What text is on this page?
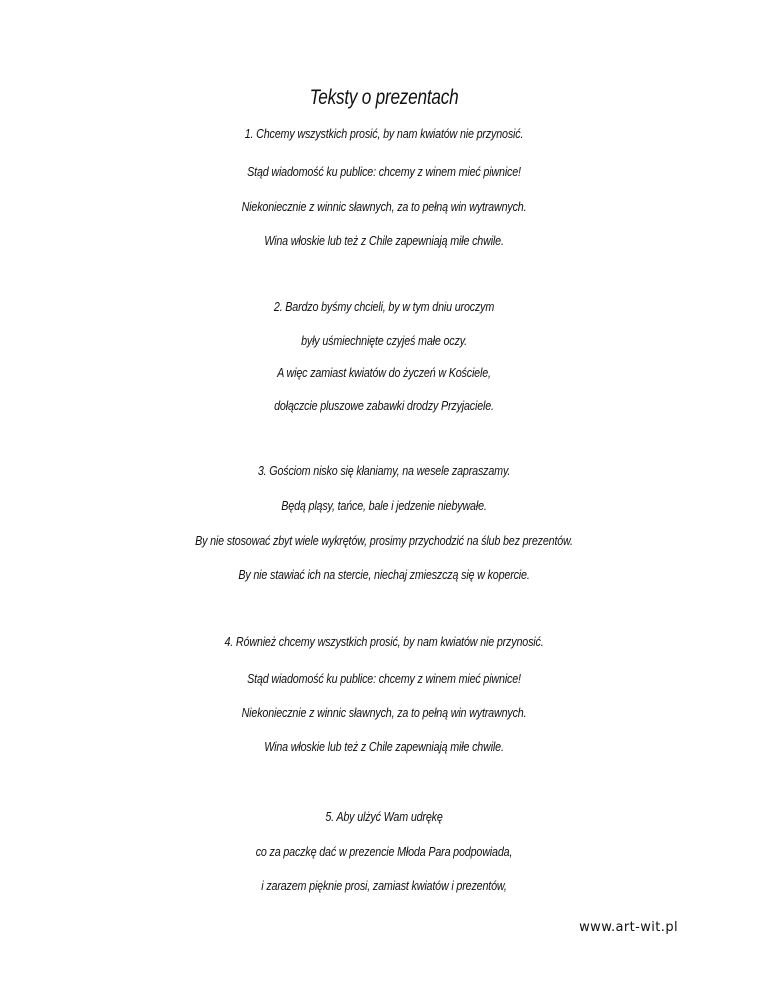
Teksty o prezentach
1. Chcemy wszystkich prosić, by nam kwiatów nie przynosić.
Stąd wiadomość ku publice: chcemy z winem mieć piwnice!
Niekoniecznie z winnic sławnych, za to pełną win wytrawnych.
Wina włoskie lub też z Chile zapewniają miłe chwile.
2. Bardzo byśmy chcieli, by w tym dniu uroczym
były uśmiechnięte czyjeś małe oczy.
A więc zamiast kwiatów do życzeń w Kościele,
dołączcie pluszowe zabawki drodzy Przyjaciele.
3. Gościom nisko się kłaniamy, na wesele zapraszamy.
Będą pląsy, tańce, bale i jedzenie niebywałe.
By nie stosować zbyt wiele wykrętów, prosimy przychodzić na ślub bez prezentów.
By nie stawiać ich na stercie, niechaj zmieszczą się w kopercie.
4. Również chcemy wszystkich prosić, by nam kwiatów nie przynosić.
Stąd wiadomość ku publice: chcemy z winem mieć piwnice!
Niekoniecznie z winnic sławnych, za to pełną win wytrawnych.
Wina włoskie lub też z Chile zapewniają miłe chwile.
5. Aby ulżyć Wam udrękę
co za paczkę dać w prezencie Młoda Para podpowiada,
i zarazem pięknie prosi, zamiast kwiatów i prezentów,
www.art-wit.pl
